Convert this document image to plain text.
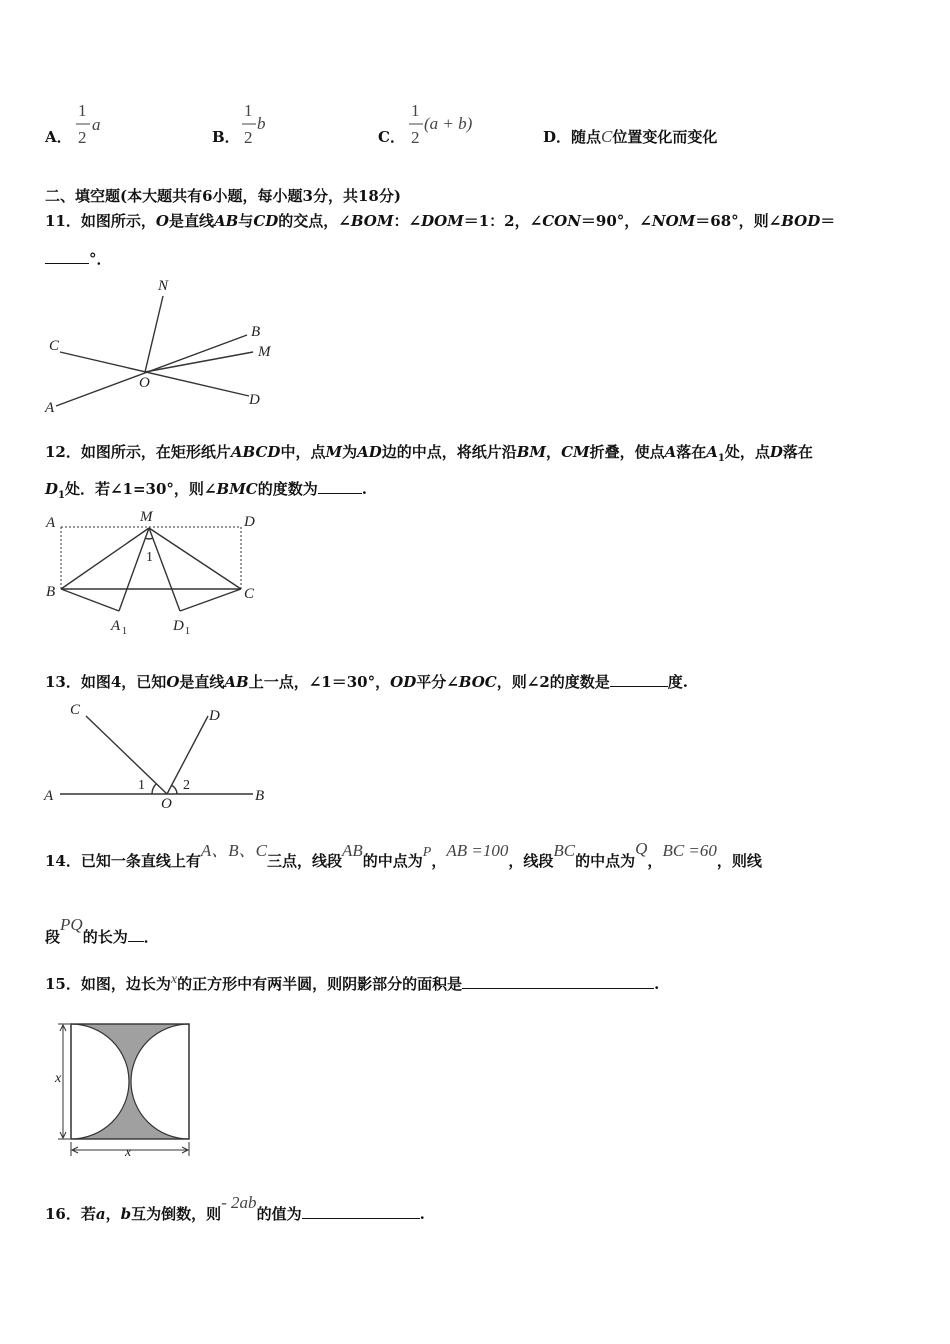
A．
1
2
a
B．
1
2
b
C．
1
2
(a + b)
D．随点C位置变化而变化
二、填空题(本大题共有6小题，每小题3分，共18分)
11．如图所示，O是直线AB与CD的交点，∠BOM：∠DOM＝1：2，∠CON＝90°，∠NOM＝68°，则∠BOD＝
°．
N
C
B
M
O
A	D
12．如图所示，在矩形纸片ABCD中，点M为AD边的中点，将纸片沿BM，CM折叠，使点A落在$A_1$处，点D落在
$D_1$处．若∠1=30°，则∠BMC的度数为	.
A	M	D
B	C
1
A 1	D 1
13．如图4，已知O是直线AB上一点，∠1＝30°，OD平分∠BOC，则∠2的度数是	度.
C	D
A	O	B
1	2
14．已知一条直线上有A、B、C三点，线段AB的中点为P，AB =100，线段BC的中点为Q，BC =60，则线
段PQ的长为 ．
15．如图，边长为x的正方形中有两半圆，则阴影部分的面积是	.
x
x
16．若a，b互为倒数，则- 2ab的值为	.
